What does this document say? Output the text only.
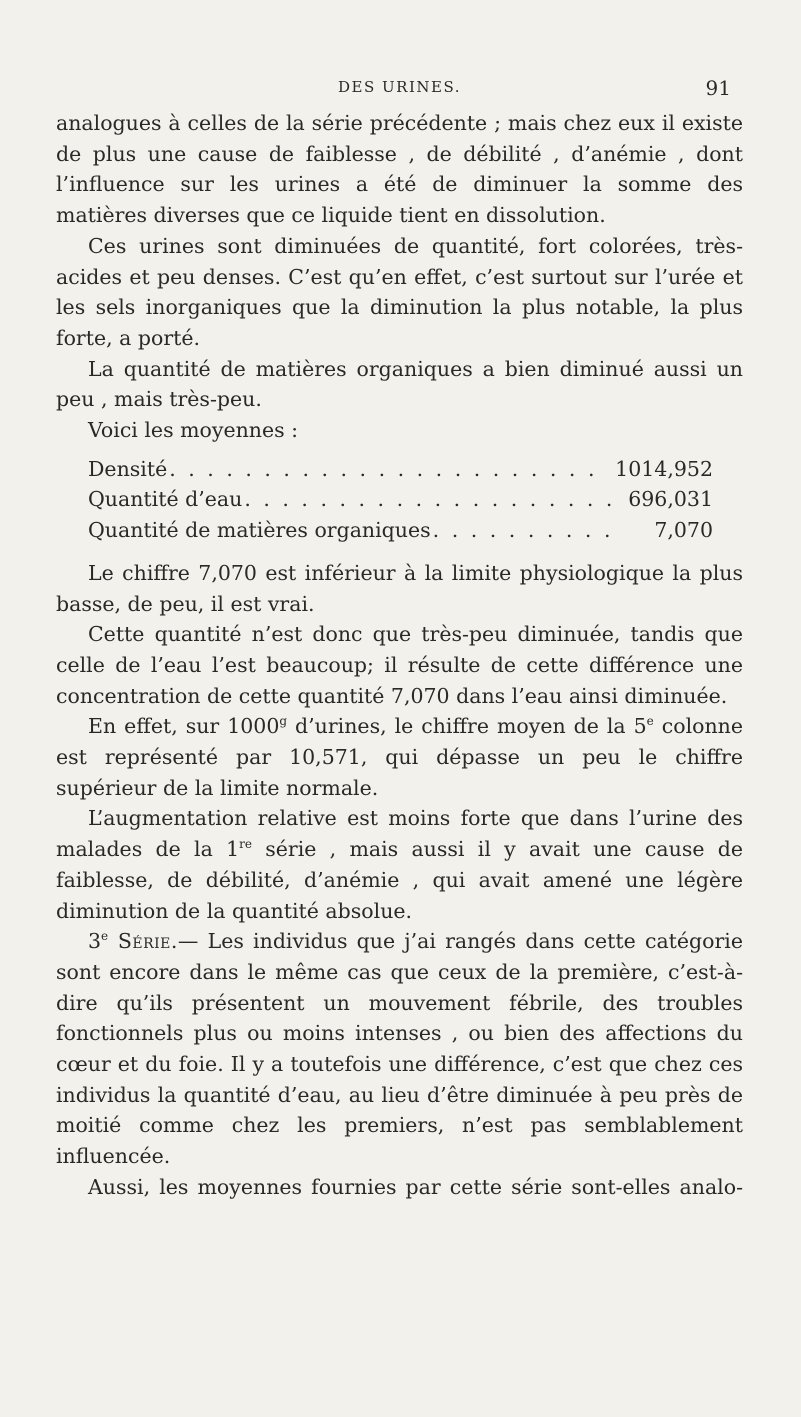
DES URINES.	91

analogues à celles de la série précédente ; mais chez eux il existe de plus une cause de faiblesse , de débilité , d’anémie , dont l’influence sur les urines a été de diminuer la somme des matières diverses que ce liquide tient en dissolution.

Ces urines sont diminuées de quantité, fort colorées, très-acides et peu denses. C’est qu’en effet, c’est surtout sur l’urée et les sels inorganiques que la diminution la plus notable, la plus forte, a porté.

La quantité de matières organiques a bien diminué aussi un peu , mais très-peu.

Voici les moyennes :

Densité . . .	1014,952
Quantité d’eau . . .	696,031
Quantité de matières organiques . . .	7,070

Le chiffre 7,070 est inférieur à la limite physiologique la plus basse, de peu, il est vrai.

Cette quantité n’est donc que très-peu diminuée, tandis que celle de l’eau l’est beaucoup; il résulte de cette différence une concentration de cette quantité 7,070 dans l’eau ainsi diminuée.

En effet, sur 1000$^g$ d’urines, le chiffre moyen de la 5e colonne est représenté par 10,571, qui dépasse un peu le chiffre supérieur de la limite normale.

L’augmentation relative est moins forte que dans l’urine des malades de la 1re série , mais aussi il y avait une cause de faiblesse, de débilité, d’anémie , qui avait amené une légère diminution de la quantité absolue.

3e Série.— Les individus que j’ai rangés dans cette catégorie sont encore dans le même cas que ceux de la première, c’est-à-dire qu’ils présentent un mouvement fébrile, des troubles fonctionnels plus ou moins intenses , ou bien des affections du cœur et du foie. Il y a toutefois une différence, c’est que chez ces individus la quantité d’eau, au lieu d’être diminuée à peu près de moitié comme chez les premiers, n’est pas semblablement influencée.

Aussi, les moyennes fournies par cette série sont-elles analo-
